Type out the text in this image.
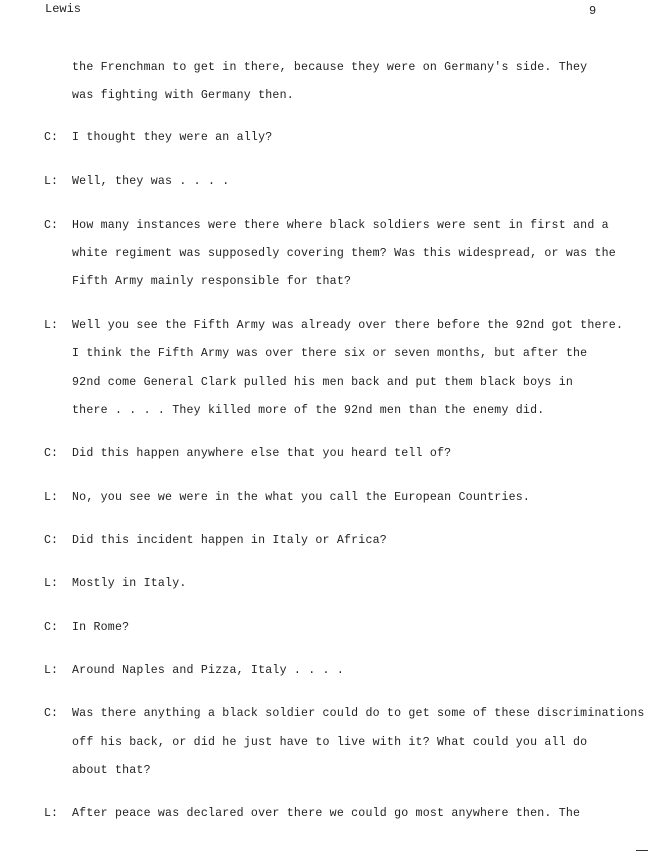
Lewis	9
the Frenchman to get in there, because they were on Germany's side. They
was fighting with Germany then.
C: I thought they were an ally?
L: Well, they was . . . .
C: How many instances were there where black soldiers were sent in first and a
white regiment was supposedly covering them? Was this widespread, or was the
Fifth Army mainly responsible for that?
L: Well you see the Fifth Army was already over there before the 92nd got there.
I think the Fifth Army was over there six or seven months, but after the
92nd come General Clark pulled his men back and put them black boys in
there . . . . They killed more of the 92nd men than the enemy did.
C: Did this happen anywhere else that you heard tell of?
L: No, you see we were in the what you call the European Countries.
C: Did this incident happen in Italy or Africa?
L: Mostly in Italy.
C: In Rome?
L: Around Naples and Pizza, Italy . . . .
C: Was there anything a black soldier could do to get some of these discriminations
off his back, or did he just have to live with it? What could you all do
about that?
L: After peace was declared over there we could go most anywhere then. The
